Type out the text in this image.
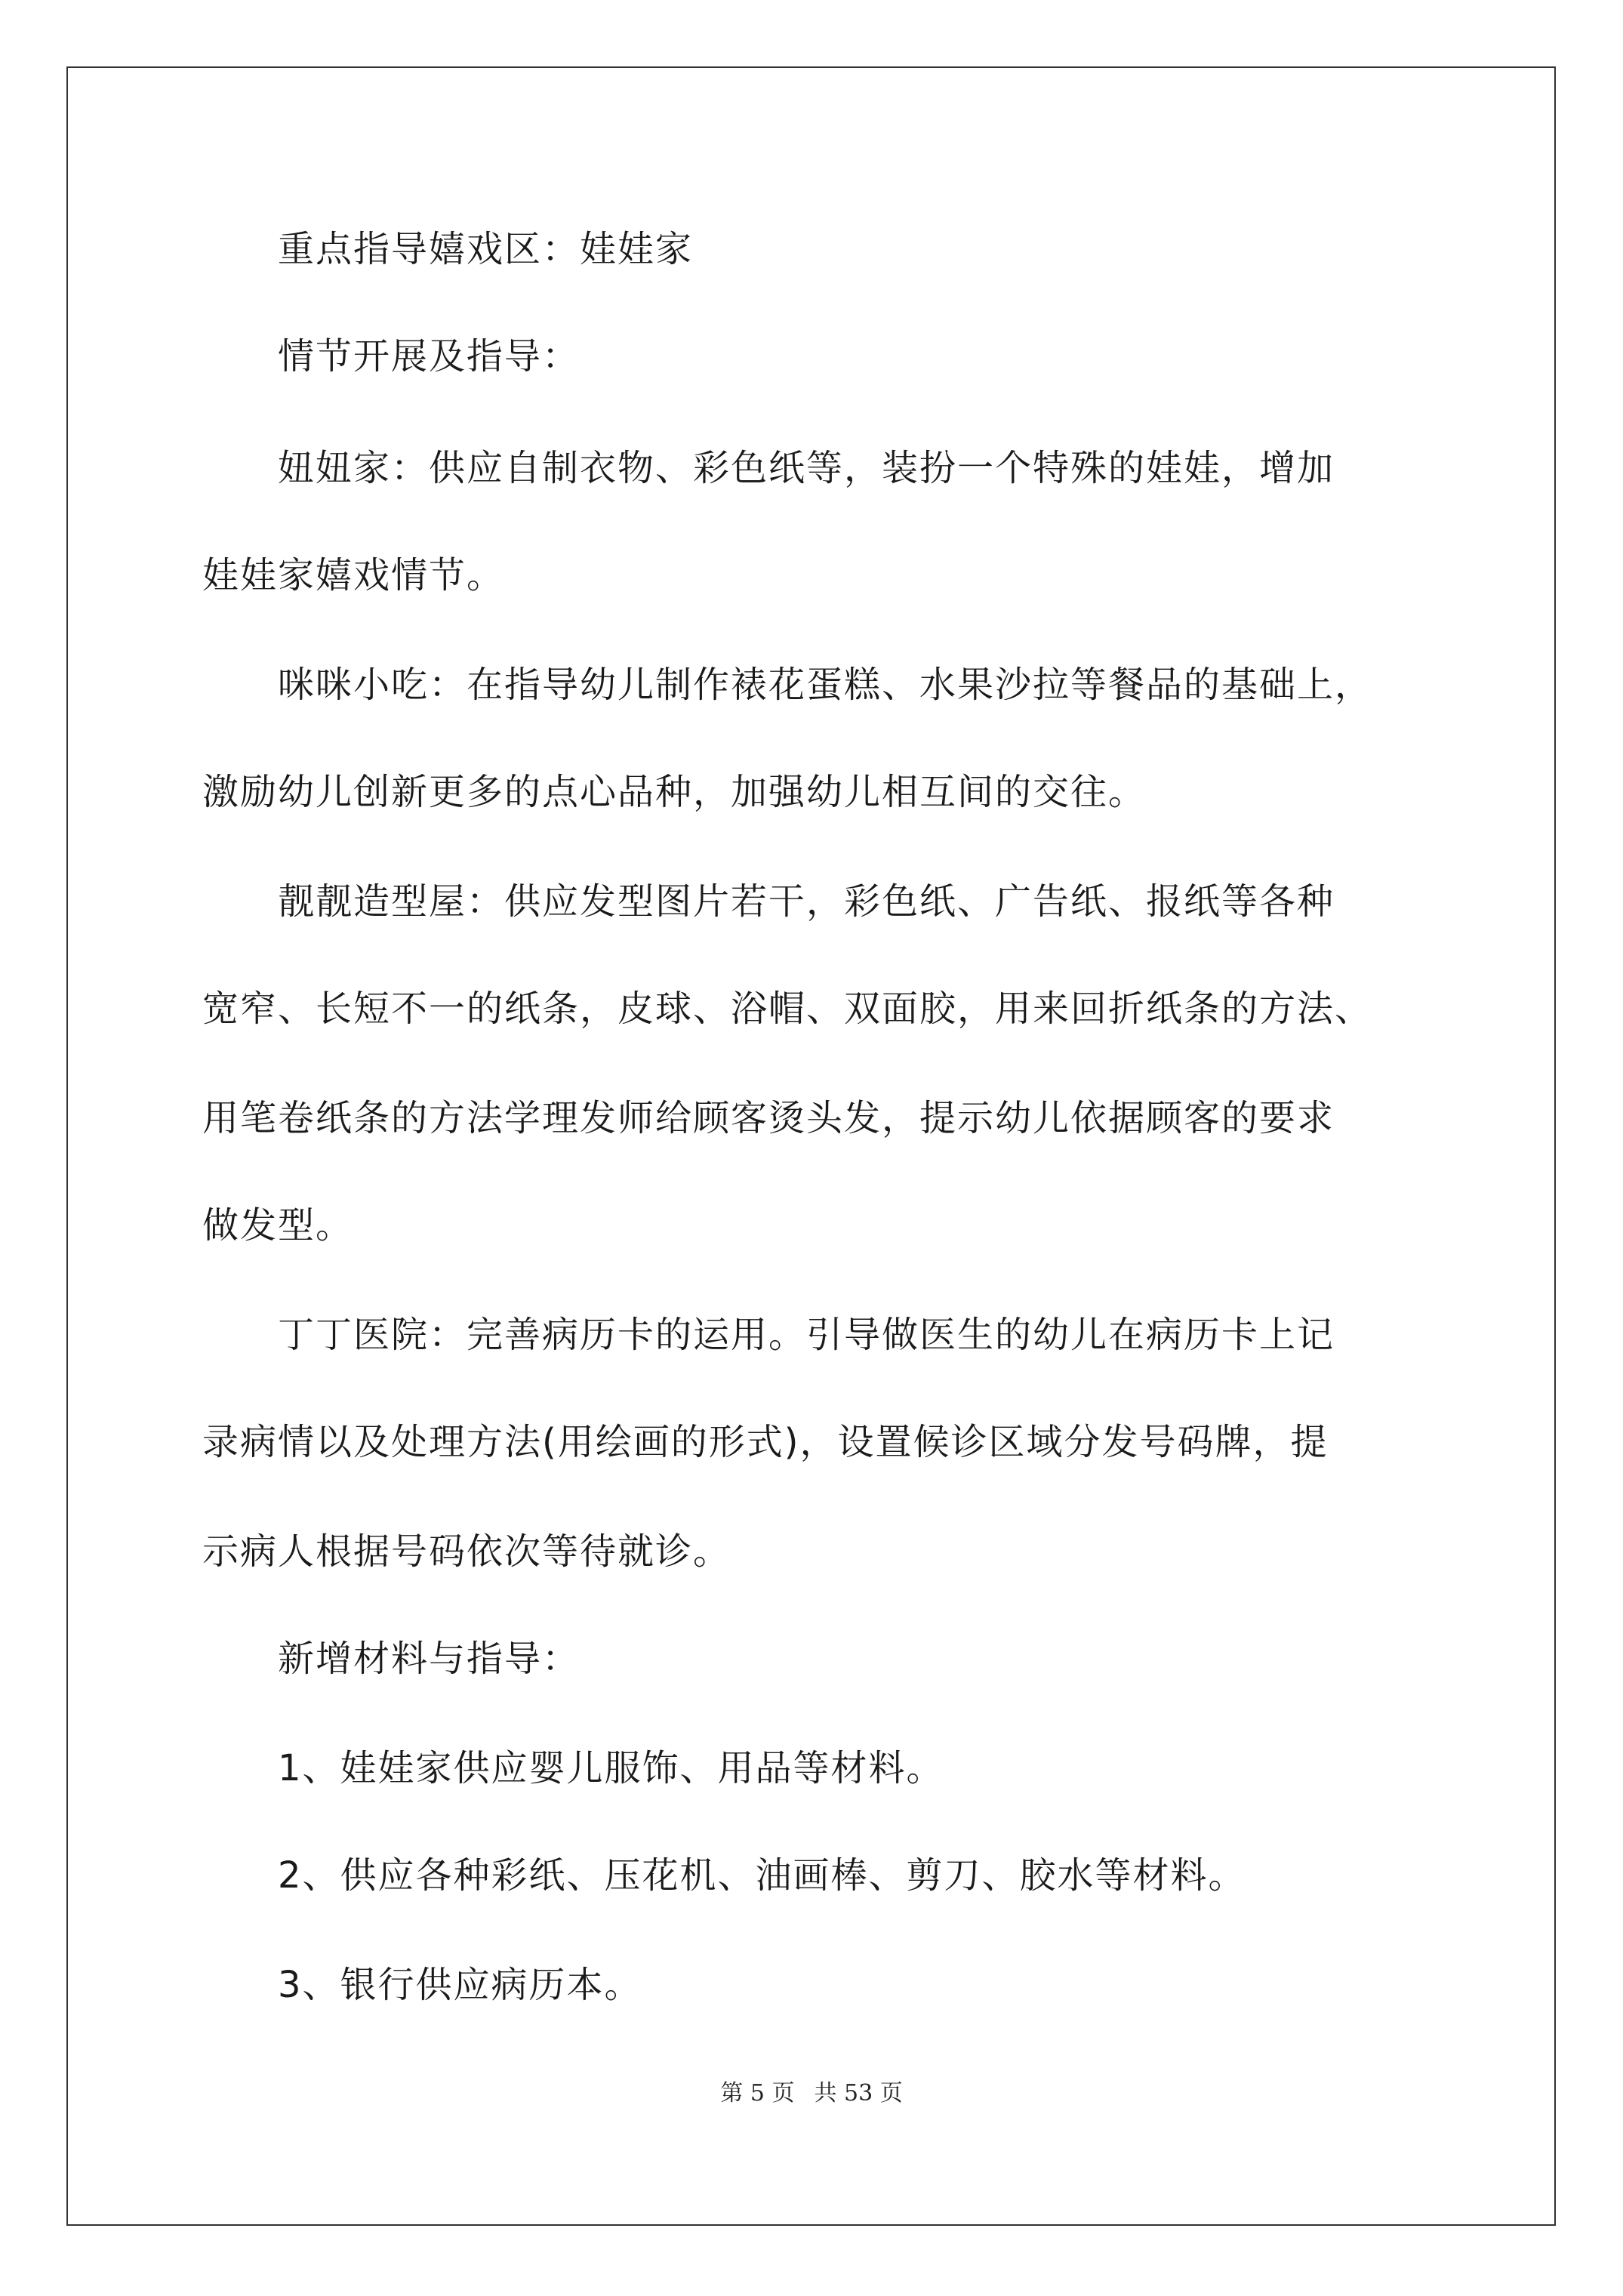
重点指导嬉戏区：娃娃家
情节开展及指导：
妞妞家：供应自制衣物、彩色纸等，装扮一个特殊的娃娃，增加
娃娃家嬉戏情节。
咪咪小吃：在指导幼儿制作裱花蛋糕、水果沙拉等餐品的基础上，
激励幼儿创新更多的点心品种，加强幼儿相互间的交往。
靓靓造型屋：供应发型图片若干，彩色纸、广告纸、报纸等各种
宽窄、长短不一的纸条，皮球、浴帽、双面胶，用来回折纸条的方法、
用笔卷纸条的方法学理发师给顾客烫头发，提示幼儿依据顾客的要求
做发型。
丁丁医院：完善病历卡的运用。引导做医生的幼儿在病历卡上记
录病情以及处理方法(用绘画的形式)，设置候诊区域分发号码牌，提
示病人根据号码依次等待就诊。
新增材料与指导：
1、娃娃家供应婴儿服饰、用品等材料。
2、供应各种彩纸、压花机、油画棒、剪刀、胶水等材料。
3、银行供应病历本。
第 5 页 共 53 页
